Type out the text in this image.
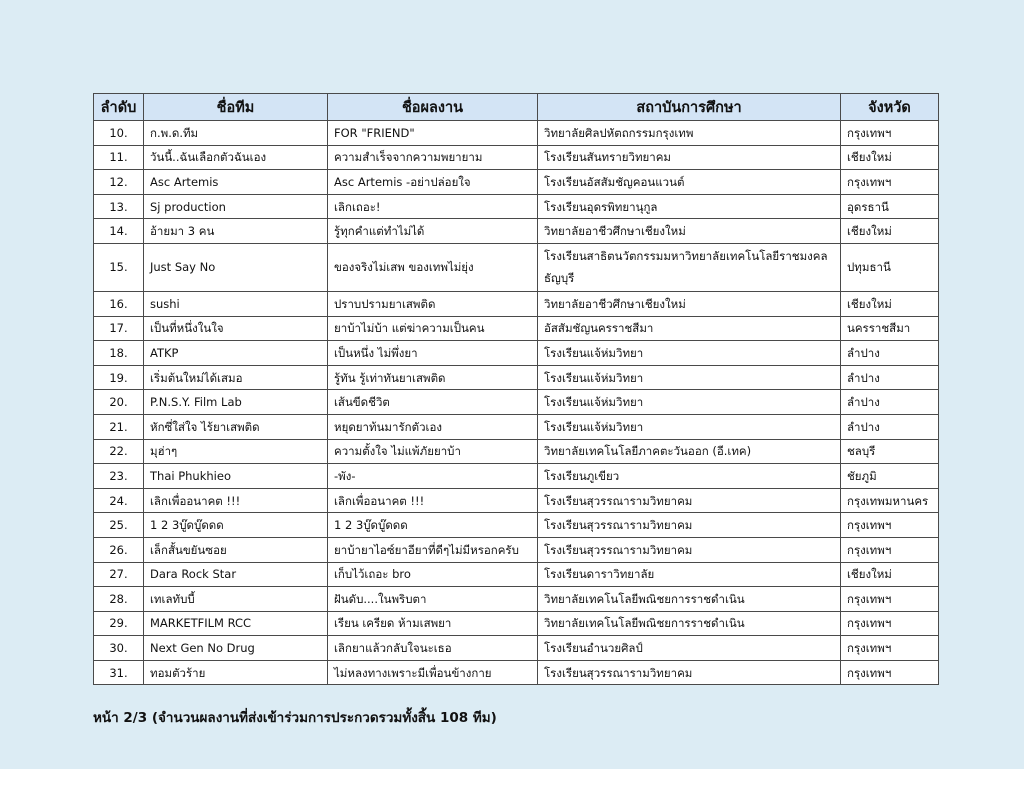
ลำดับ	ชื่อทีม	ชื่อผลงาน	สถาบันการศึกษา	จังหวัด
10.	ก.พ.ด.ทีม	FOR "FRIEND"	วิทยาลัยศิลปหัตถกรรมกรุงเทพ	กรุงเทพฯ
11.	วันนี้..ฉันเลือกตัวฉันเอง	ความสำเร็จจากความพยายาม	โรงเรียนสันทรายวิทยาคม	เชียงใหม่
12.	Asc Artemis	Asc Artemis -อย่าปล่อยใจ	โรงเรียนอัสสัมชัญคอนแวนต์	กรุงเทพฯ
13.	Sj production	เลิกเถอะ!	โรงเรียนอุดรพิทยานุกูล	อุดรธานี
14.	อ้ายมา 3 คน	รู้ทุกคำแต่ทำไม่ได้	วิทยาลัยอาชีวศึกษาเชียงใหม่	เชียงใหม่
15.	Just Say No	ของจริงไม่เสพ ของเทพไม่ยุ่ง	โรงเรียนสาธิตนวัตกรรมมหาวิทยาลัยเทคโนโลยีราชมงคลธัญบุรี	ปทุมธานี
16.	sushi	ปราบปรามยาเสพติด	วิทยาลัยอาชีวศึกษาเชียงใหม่	เชียงใหม่
17.	เป็นที่หนึ่งในใจ	ยาบ้าไม่บ้า แต่ฆ่าความเป็นคน	อัสสัมชัญนครราชสีมา	นครราชสีมา
18.	ATKP	เป็นหนึ่ง ไม่พึ่งยา	โรงเรียนแจ้ห่มวิทยา	ลำปาง
19.	เริ่มต้นใหม่ได้เสมอ	รู้ทัน รู้เท่าทันยาเสพติด	โรงเรียนแจ้ห่มวิทยา	ลำปาง
20.	P.N.S.Y. Film Lab	เส้นขีดชีวิต	โรงเรียนแจ้ห่มวิทยา	ลำปาง
21.	หักซึ่ใส่ใจ ไร้ยาเสพติด	หยุดยาท้นมารักตัวเอง	โรงเรียนแจ้ห่มวิทยา	ลำปาง
22.	มุฮ่าๆ	ความตั้งใจ ไม่แพ้ภัยยาบ้า	วิทยาลัยเทคโนโลยีภาคตะวันออก (อี.เทค)	ชลบุรี
23.	Thai Phukhieo	-พัง-	โรงเรียนภูเขียว	ชัยภูมิ
24.	เลิกเพื่ออนาคต !!!	เลิกเพื่ออนาคต !!!	โรงเรียนสุวรรณารามวิทยาคม	กรุงเทพมหานคร
25.	1 2 3บู๊ดบู๊ดดด	1 2 3บู๊ดบู๊ดดด	โรงเรียนสุวรรณารามวิทยาคม	กรุงเทพฯ
26.	เล็กสั้นขยันซอย	ยาบ้ายาไอซ์ยาอียาที่ดีๆไม่มีหรอกครับ	โรงเรียนสุวรรณารามวิทยาคม	กรุงเทพฯ
27.	Dara Rock Star	เก็บไว้เถอะ bro	โรงเรียนดาราวิทยาลัย	เชียงใหม่
28.	เทเลทับบี้	ฝันดับ....ในพริบตา	วิทยาลัยเทคโนโลยีพณิชยการราชดำเนิน	กรุงเทพฯ
29.	MARKETFILM RCC	เรียน เครียด ห้ามเสพยา	วิทยาลัยเทคโนโลยีพณิชยการราชดำเนิน	กรุงเทพฯ
30.	Next Gen No Drug	เลิกยาแล้วกลับใจนะเธอ	โรงเรียนอำนวยศิลป์	กรุงเทพฯ
31.	ทอมตัวร้าย	ไม่หลงทางเพราะมีเพื่อนข้างกาย	โรงเรียนสุวรรณารามวิทยาคม	กรุงเทพฯ
หน้า 2/3 (จำนวนผลงานที่ส่งเข้าร่วมการประกวดรวมทั้งสิ้น 108 ทีม)
